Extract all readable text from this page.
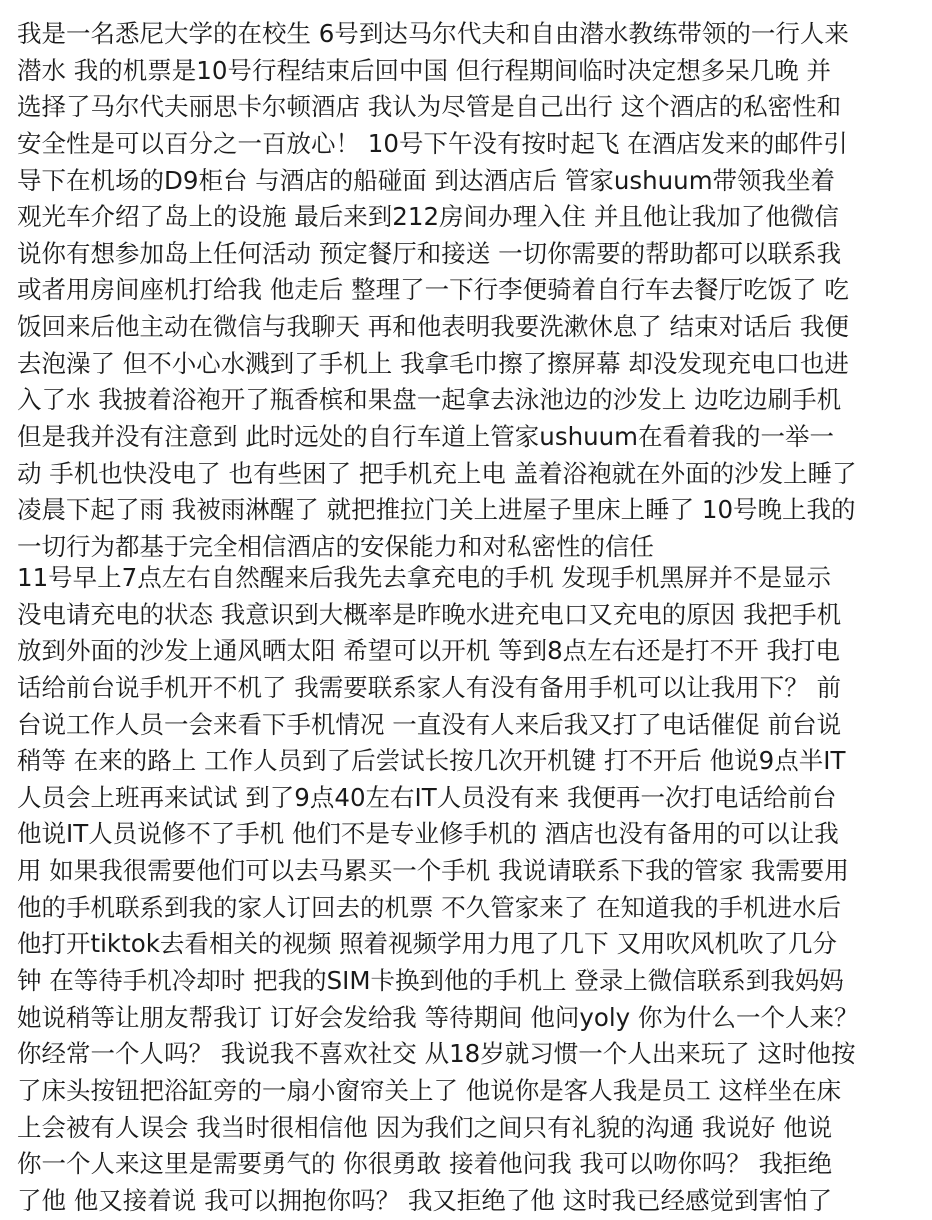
我是一名悉尼大学的在校生 6号到达马尔代夫和自由潜水教练带领的一行人来
潜水 我的机票是10号行程结束后回中国 但行程期间临时决定想多呆几晚 并
选择了马尔代夫丽思卡尔顿酒店 我认为尽管是自己出行 这个酒店的私密性和
安全性是可以百分之一百放心！ 10号下午没有按时起飞 在酒店发来的邮件引
导下在机场的D9柜台 与酒店的船碰面 到达酒店后 管家ushuum带领我坐着
观光车介绍了岛上的设施 最后来到212房间办理入住 并且他让我加了他微信
说你有想参加岛上任何活动 预定餐厅和接送 一切你需要的帮助都可以联系我
或者用房间座机打给我 他走后 整理了一下行李便骑着自行车去餐厅吃饭了 吃
饭回来后他主动在微信与我聊天 再和他表明我要洗漱休息了 结束对话后 我便
去泡澡了 但不小心水溅到了手机上 我拿毛巾擦了擦屏幕 却没发现充电口也进
入了水 我披着浴袍开了瓶香槟和果盘一起拿去泳池边的沙发上 边吃边刷手机
但是我并没有注意到 此时远处的自行车道上管家ushuum在看着我的一举一
动 手机也快没电了 也有些困了 把手机充上电 盖着浴袍就在外面的沙发上睡了
凌晨下起了雨 我被雨淋醒了 就把推拉门关上进屋子里床上睡了 10号晚上我的
一切行为都基于完全相信酒店的安保能力和对私密性的信任
11号早上7点左右自然醒来后我先去拿充电的手机 发现手机黑屏并不是显示
没电请充电的状态 我意识到大概率是昨晚水进充电口又充电的原因 我把手机
放到外面的沙发上通风晒太阳 希望可以开机 等到8点左右还是打不开 我打电
话给前台说手机开不机了 我需要联系家人有没有备用手机可以让我用下？ 前
台说工作人员一会来看下手机情况 一直没有人来后我又打了电话催促 前台说
稍等 在来的路上 工作人员到了后尝试长按几次开机键 打不开后 他说9点半IT
人员会上班再来试试 到了9点40左右IT人员没有来 我便再一次打电话给前台
他说IT人员说修不了手机 他们不是专业修手机的 酒店也没有备用的可以让我
用 如果我很需要他们可以去马累买一个手机 我说请联系下我的管家 我需要用
他的手机联系到我的家人订回去的机票 不久管家来了 在知道我的手机进水后
他打开tiktok去看相关的视频 照着视频学用力甩了几下 又用吹风机吹了几分
钟 在等待手机冷却时 把我的SIM卡换到他的手机上 登录上微信联系到我妈妈
她说稍等让朋友帮我订 订好会发给我 等待期间 他问yoly 你为什么一个人来？
你经常一个人吗？ 我说我不喜欢社交 从18岁就习惯一个人出来玩了 这时他按
了床头按钮把浴缸旁的一扇小窗帘关上了 他说你是客人我是员工 这样坐在床
上会被有人误会 我当时很相信他 因为我们之间只有礼貌的沟通 我说好 他说
你一个人来这里是需要勇气的 你很勇敢 接着他问我 我可以吻你吗？ 我拒绝
了他 他又接着说 我可以拥抱你吗？ 我又拒绝了他 这时我已经感觉到害怕了
